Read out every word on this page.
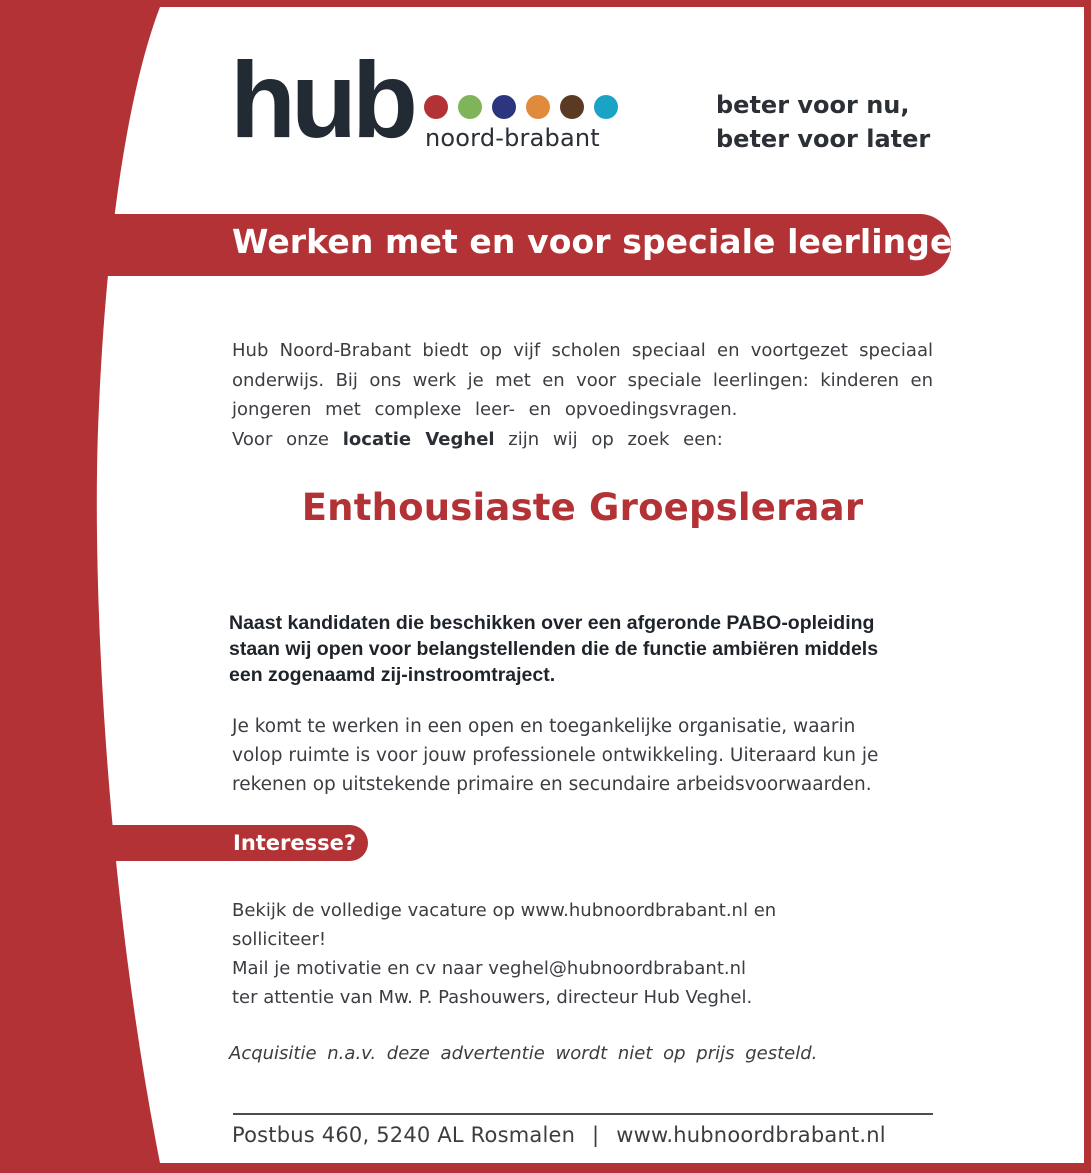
hub noord-brabant
beter voor nu,
beter voor later
Werken met en voor speciale leerlingen

Hub Noord-Brabant biedt op vijf scholen speciaal en voortgezet speciaal

onderwijs. Bij ons werk je met en voor speciale leerlingen: kinderen en

jongeren met complexe leer- en opvoedingsvragen.

Voor onze locatie Veghel zijn wij op zoek een:

Enthousiaste Groepsleraar
Naast kandidaten die beschikken over een afgeronde PABO-opleiding
staan wij open voor belangstellenden die de functie ambiëren middels
een zogenaamd zij-instroomtraject.
Je komt te werken in een open en toegankelijke organisatie, waarin
volop ruimte is voor jouw professionele ontwikkeling. Uiteraard kun je
rekenen op uitstekende primaire en secundaire arbeidsvoorwaarden.
Interesse?
Bekijk de volledige vacature op www.hubnoordbrabant.nl en
solliciteer!
Mail je motivatie en cv naar veghel@hubnoordbrabant.nl
ter attentie van Mw. P. Pashouwers, directeur Hub Veghel.
Acquisitie n.a.v. deze advertentie wordt niet op prijs gesteld.
Postbus 460, 5240 AL Rosmalen | www.hubnoordbrabant.nl
